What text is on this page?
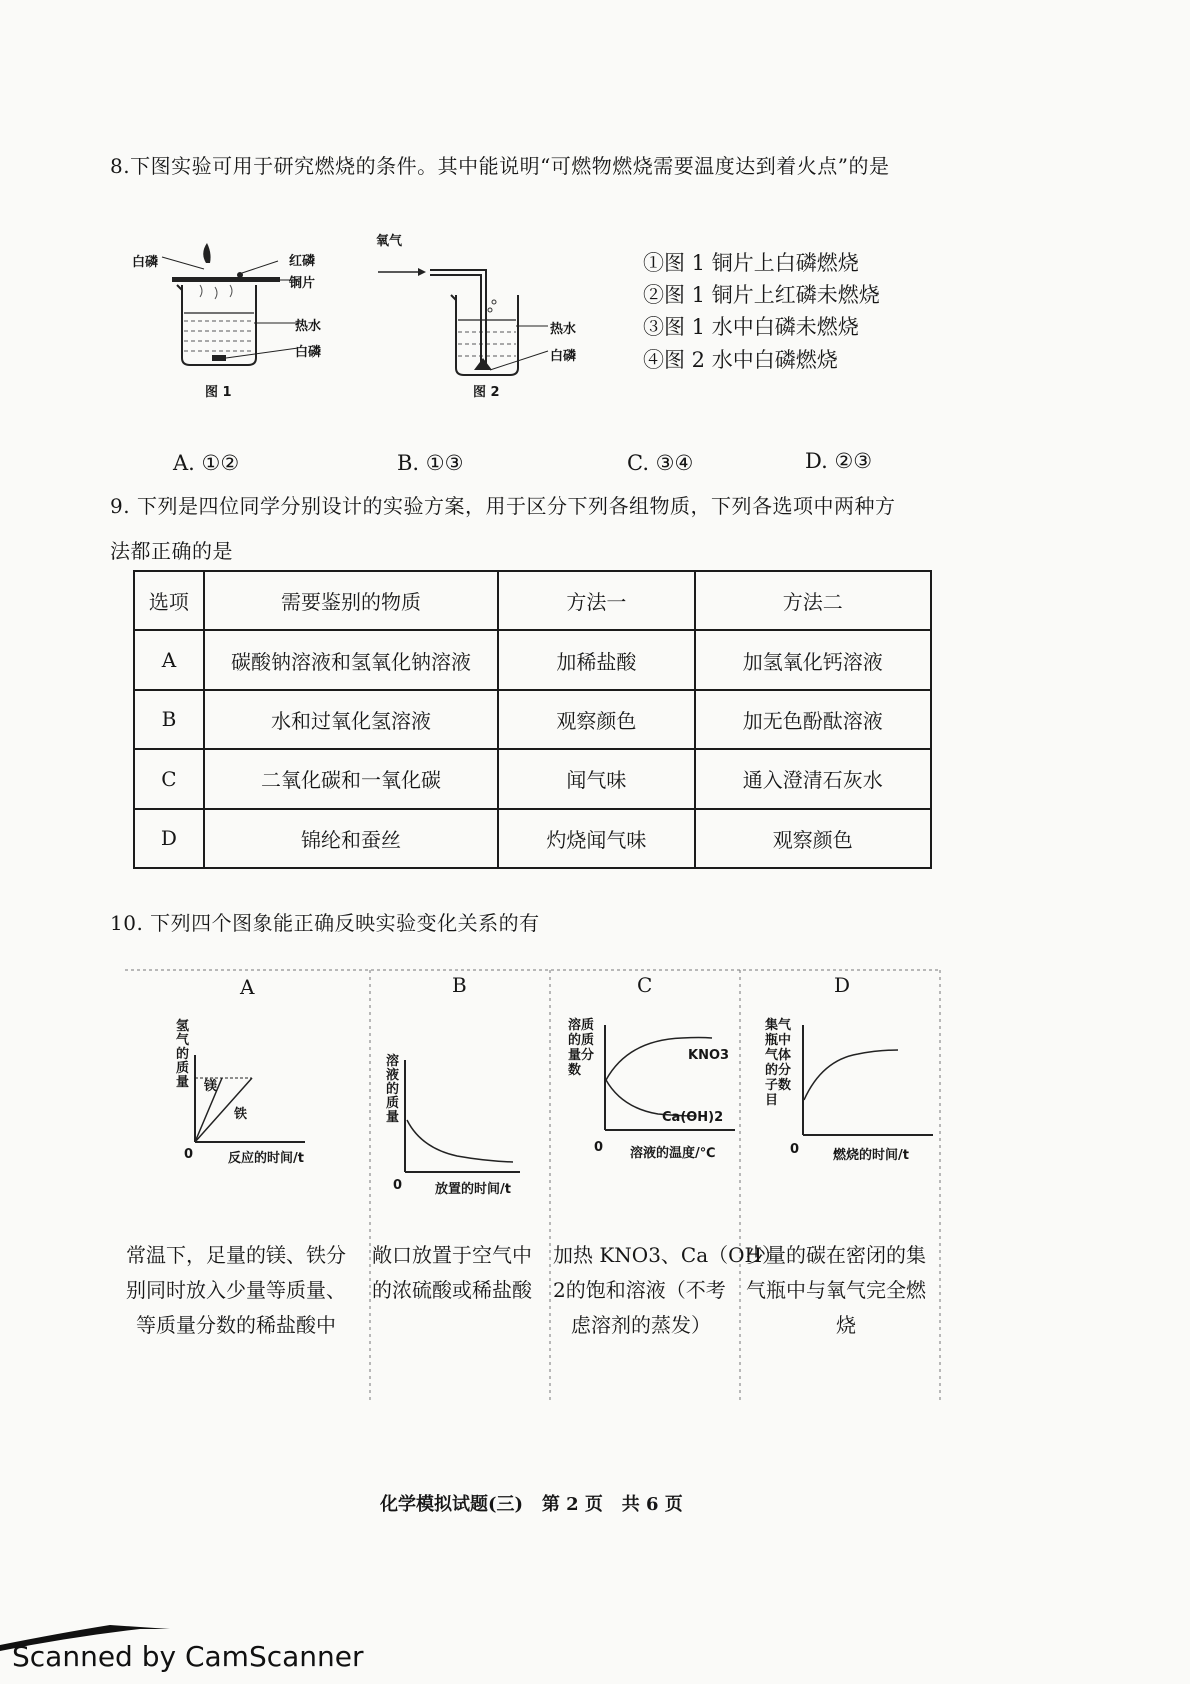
8.下图实验可用于研究燃烧的条件。其中能说明“可燃物燃烧需要温度达到着火点”的是
白磷	红磷
铜片
热水
白磷
图 1
氧气
热水
白磷
图 2
①图 1 铜片上白磷燃烧
②图 1 铜片上红磷未燃烧
③图 1 水中白磷未燃烧
④图 2 水中白磷燃烧
A. ①②	B. ①③	C. ③④	D. ②③
9. 下列是四位同学分别设计的实验方案，用于区分下列各组物质，下列各选项中两种方
法都正确的是
选项	需要鉴别的物质	方法一	方法二
A	碳酸钠溶液和氢氧化钠溶液	加稀盐酸	加氢氧化钙溶液
B	水和过氧化氢溶液	观察颜色	加无色酚酞溶液
C	二氧化碳和一氧化碳	闻气味	通入澄清石灰水
D	锦纶和蚕丝	灼烧闻气味	观察颜色
10. 下列四个图象能正确反映实验变化关系的有
A	B	C	D
氢气的质量 镁
铁
0	反应的时间/t
溶液的质量
0	放置的时间/t
溶质的质量分数
KNO3
Ca(OH)2
0 溶液的温度/℃
集气瓶中气体的分子数目
0	燃烧的时间/t
常温下，足量的镁、铁分
别同时放入少量等质量、
等质量分数的稀盐酸中
敞口放置于空气中
的浓硫酸或稀盐酸
加热 KNO3、Ca（OH）
2的饱和溶液（不考
虑溶剂的蒸发）
少量的碳在密闭的集
气瓶中与氧气完全燃
烧
化学模拟试题(三)   第 2 页   共 6 页
Scanned by CamScanner
